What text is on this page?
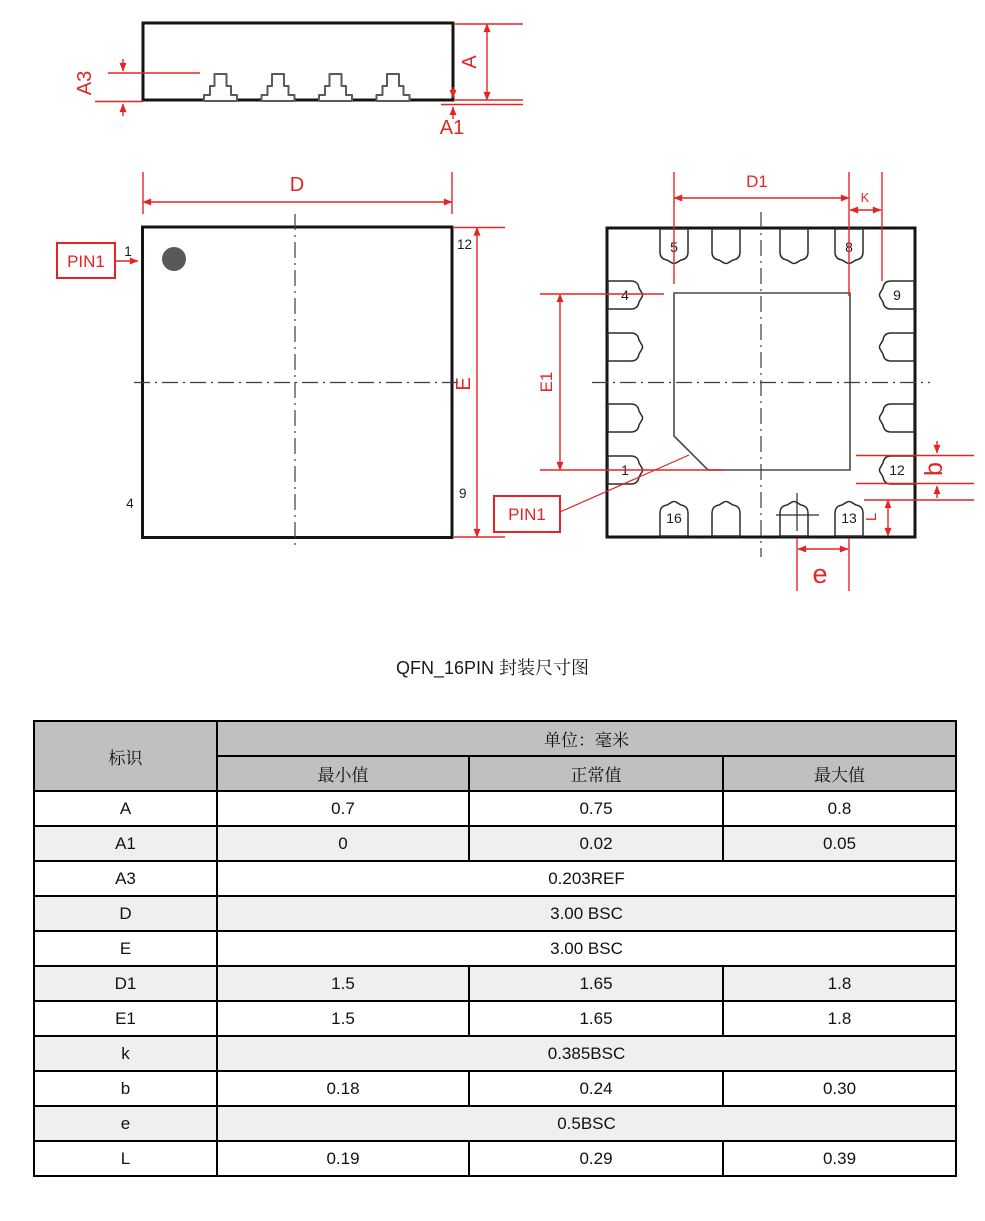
A3
A
A1
D
E
1	12
4
9
PIN1
5	8
4	9
1	12
16	13
D1
K
E1
b
L
e
PIN1
QFN_16PIN 封装尺寸图
标识	单位：毫米		
	最小值	正常值	最大值
A	0.7	0.75	0.8
A1	0	0.02	0.05
A3	0.203REF		
D	3.00 BSC		
E	3.00 BSC		
D1	1.5	1.65	1.8
E1	1.5	1.65	1.8
k	0.385BSC		
b	0.18	0.24	0.30
e	0.5BSC		
L	0.19	0.29	0.39
